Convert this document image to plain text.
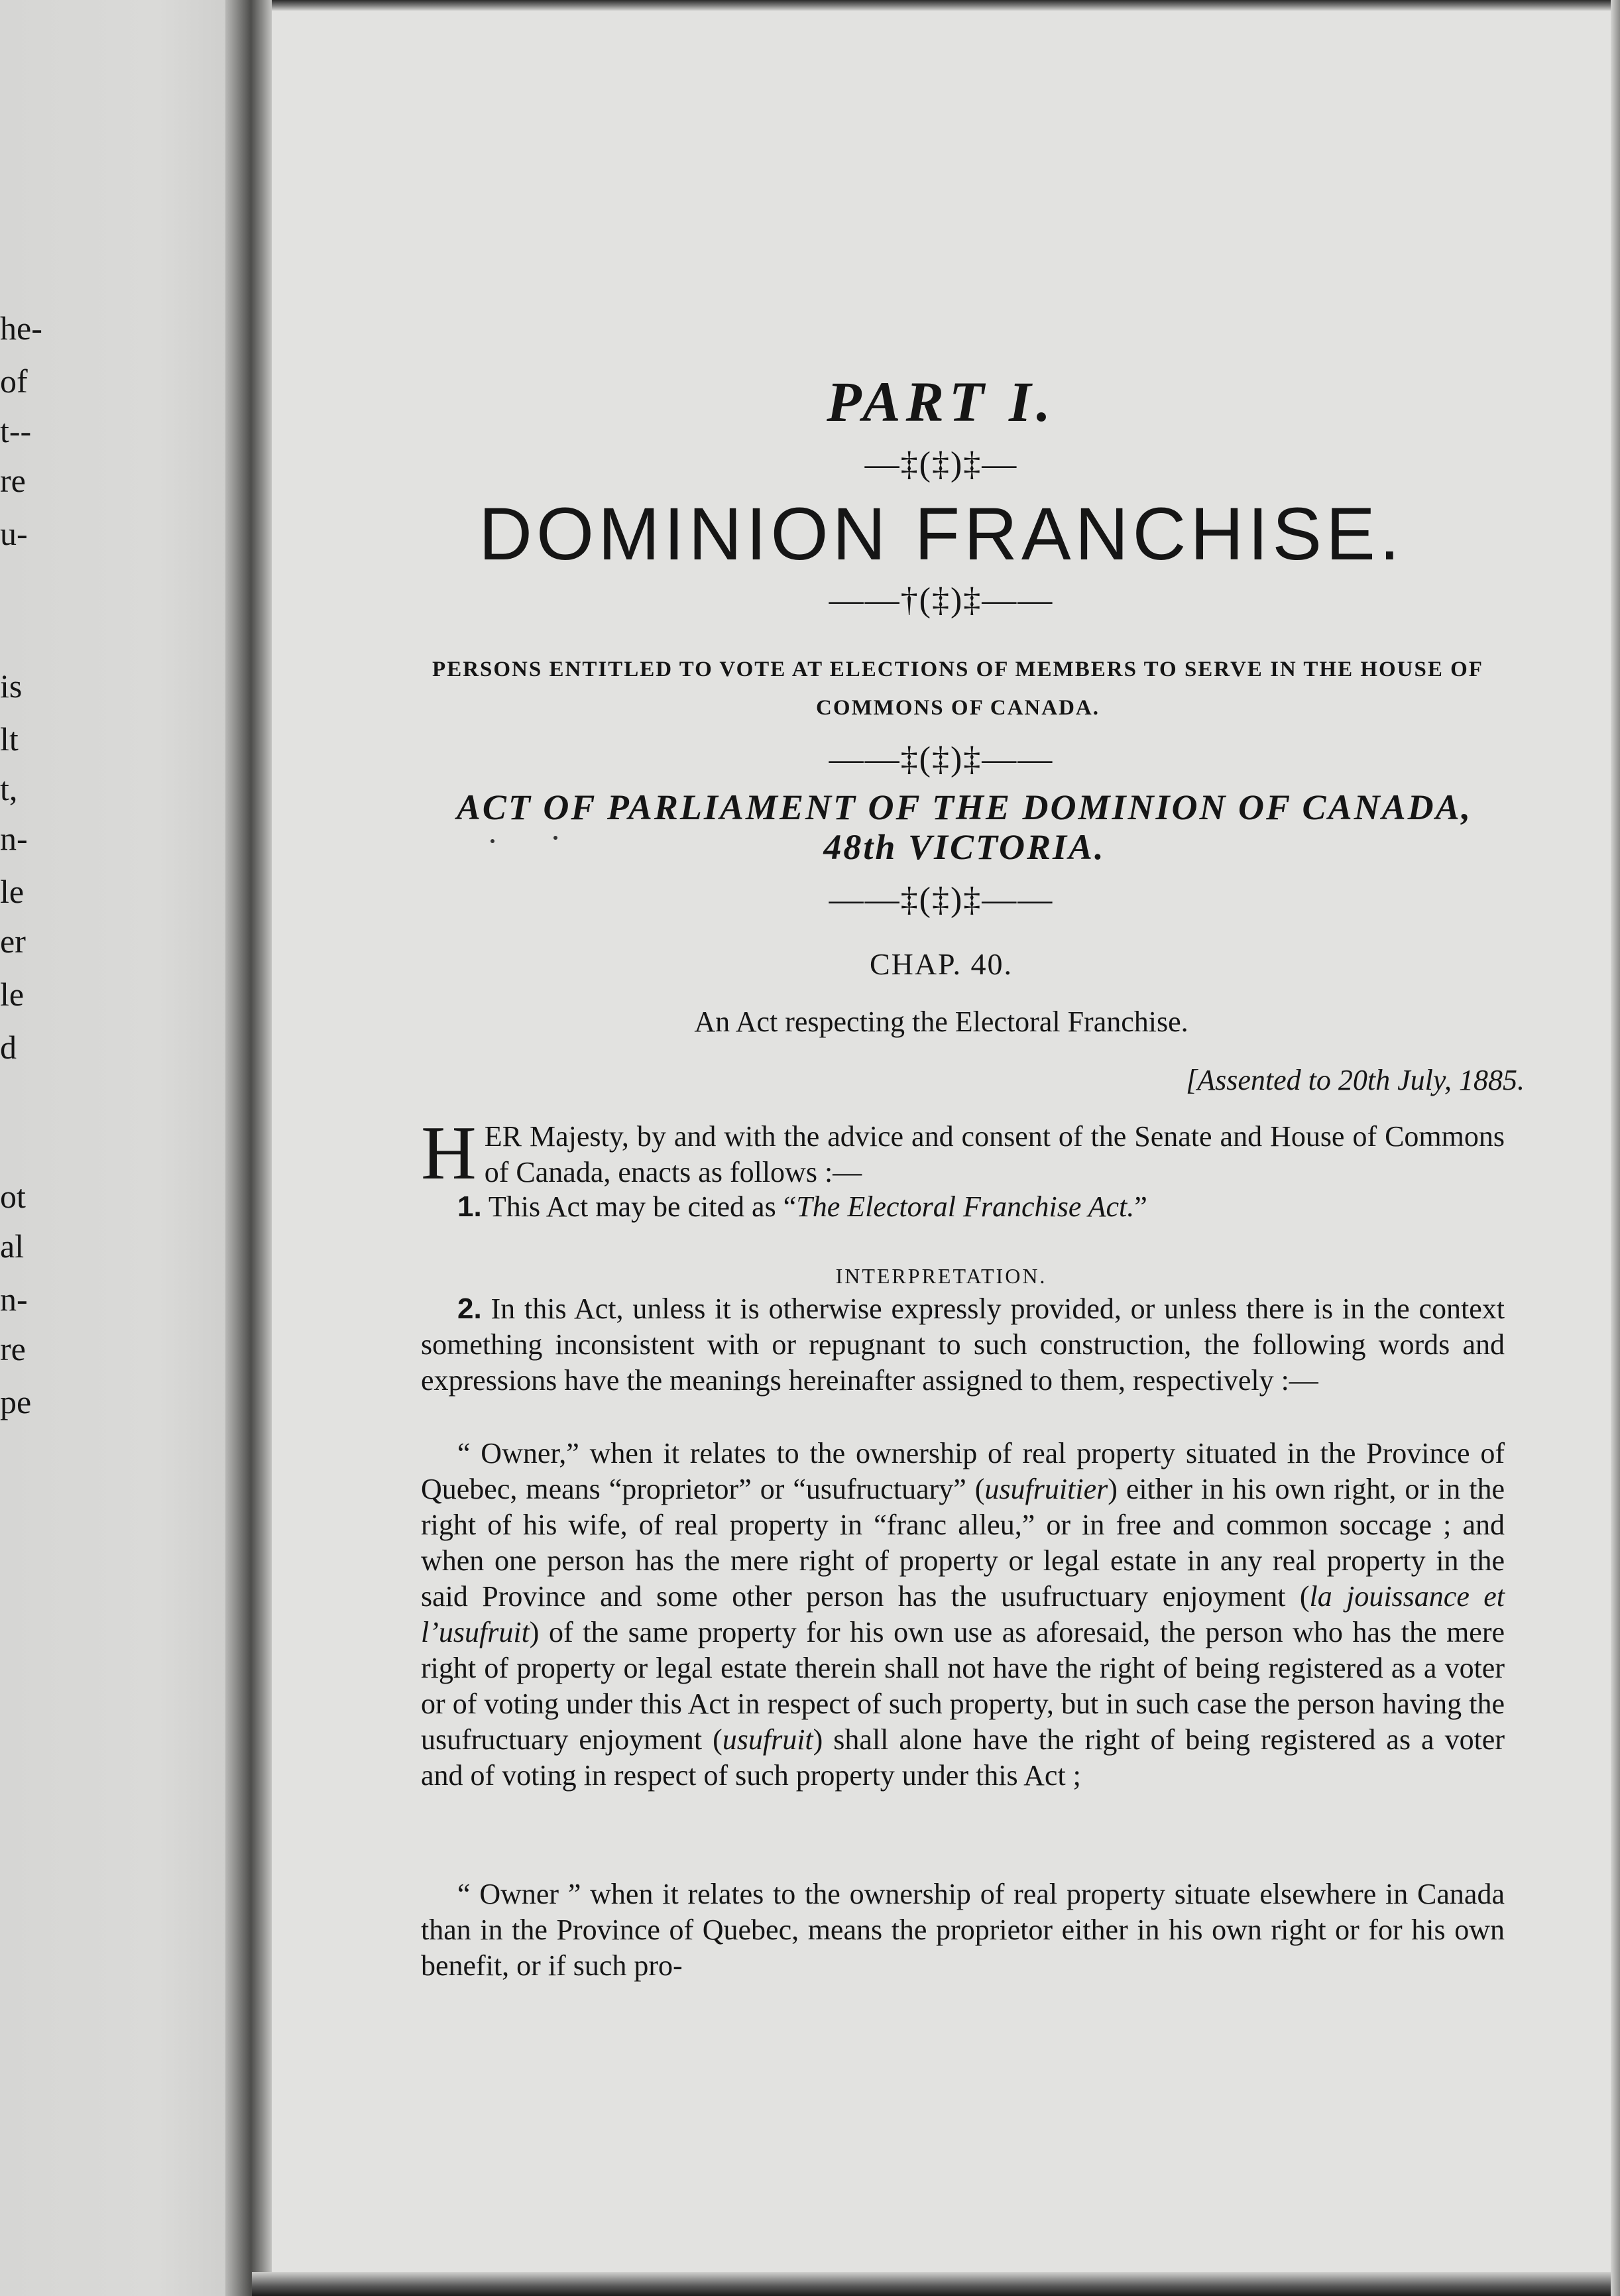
he-
of
t--
re
u-
is
lt
t,
n-
le
er
le
d
ot
al
n-
re
pe
PART I.
—‡(‡)‡—
DOMINION FRANCHISE.
——†(‡)‡——
PERSONS ENTITLED TO VOTE AT ELECTIONS OF MEMBERS TO SERVE IN THE HOUSE OF COMMONS OF CANADA.
——‡(‡)‡——
ACT OF PARLIAMENT OF THE DOMINION OF CANADA,
48th VICTORIA.
——‡(‡)‡——
CHAP. 40.
An Act respecting the Electoral Franchise.
[Assented to 20th July, 1885.
HER Majesty, by and with the advice and consent of the Senate and House of Commons of Canada, enacts as follows :—
1. This Act may be cited as “The Electoral Franchise Act.”
INTERPRETATION.
2. In this Act, unless it is otherwise expressly provided, or unless there is in the context something inconsistent with or repugnant to such construction, the following words and expressions have the meanings hereinafter assigned to them, respectively :—
“ Owner,” when it relates to the ownership of real property situated in the Province of Quebec, means “proprietor” or “usufructuary” (usufruitier) either in his own right, or in the right of his wife, of real property in “franc alleu,” or in free and common soccage ; and when one person has the mere right of property or legal estate in any real property in the said Province and some other person has the usufructuary enjoyment (la jouissance et l’usufruit) of the same property for his own use as aforesaid, the person who has the mere right of property or legal estate therein shall not have the right of being registered as a voter or of voting under this Act in respect of such property, but in such case the person having the usufructuary enjoyment (usufruit) shall alone have the right of being registered as a voter and of voting in respect of such property under this Act ;
“ Owner ” when it relates to the ownership of real property situate elsewhere in Canada than in the Province of Quebec, means the proprietor either in his own right or for his own benefit, or if such pro-
